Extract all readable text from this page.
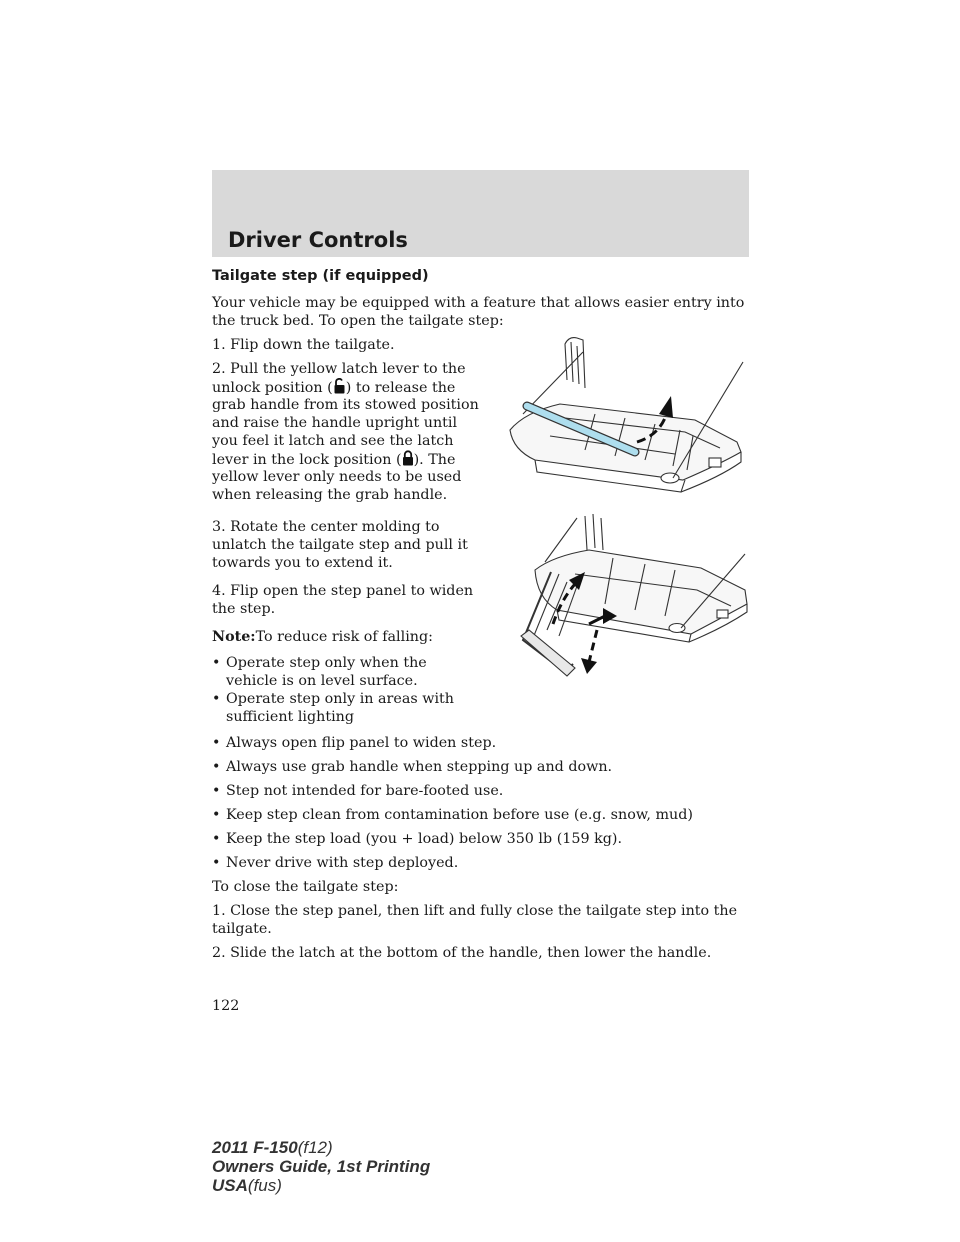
Driver Controls
Tailgate step (if equipped)

Your vehicle may be equipped with a feature that allows easier entry into the truck bed. To open the tailgate step:

1. Flip down the tailgate.

2. Pull the yellow latch lever to the

unlock position ( ) to release the

grab handle from its stowed position

and raise the handle upright until

you feel it latch and see the latch

lever in the lock position ( ). The

yellow lever only needs to be used

when releasing the grab handle.

3. Rotate the center molding to

unlatch the tailgate step and pull it

towards you to extend it.

4. Flip open the step panel to widen

the step.

Note:To reduce risk of falling:

• Operate step only when the
vehicle is on level surface.
• Operate step only in areas with
sufficient lighting
• Always open flip panel to widen step.
• Always use grab handle when stepping up and down.
• Step not intended for bare-footed use.
• Keep step clean from contamination before use (e.g. snow, mud)
• Keep the step load (you + load) below 350 lb (159 kg).
• Never drive with step deployed.

To close the tailgate step:

1. Close the step panel, then lift and fully close the tailgate step into the

tailgate.

2. Slide the latch at the bottom of the handle, then lower the handle.

122
2011 F-150(f12)
Owners Guide, 1st Printing
USA(fus)
